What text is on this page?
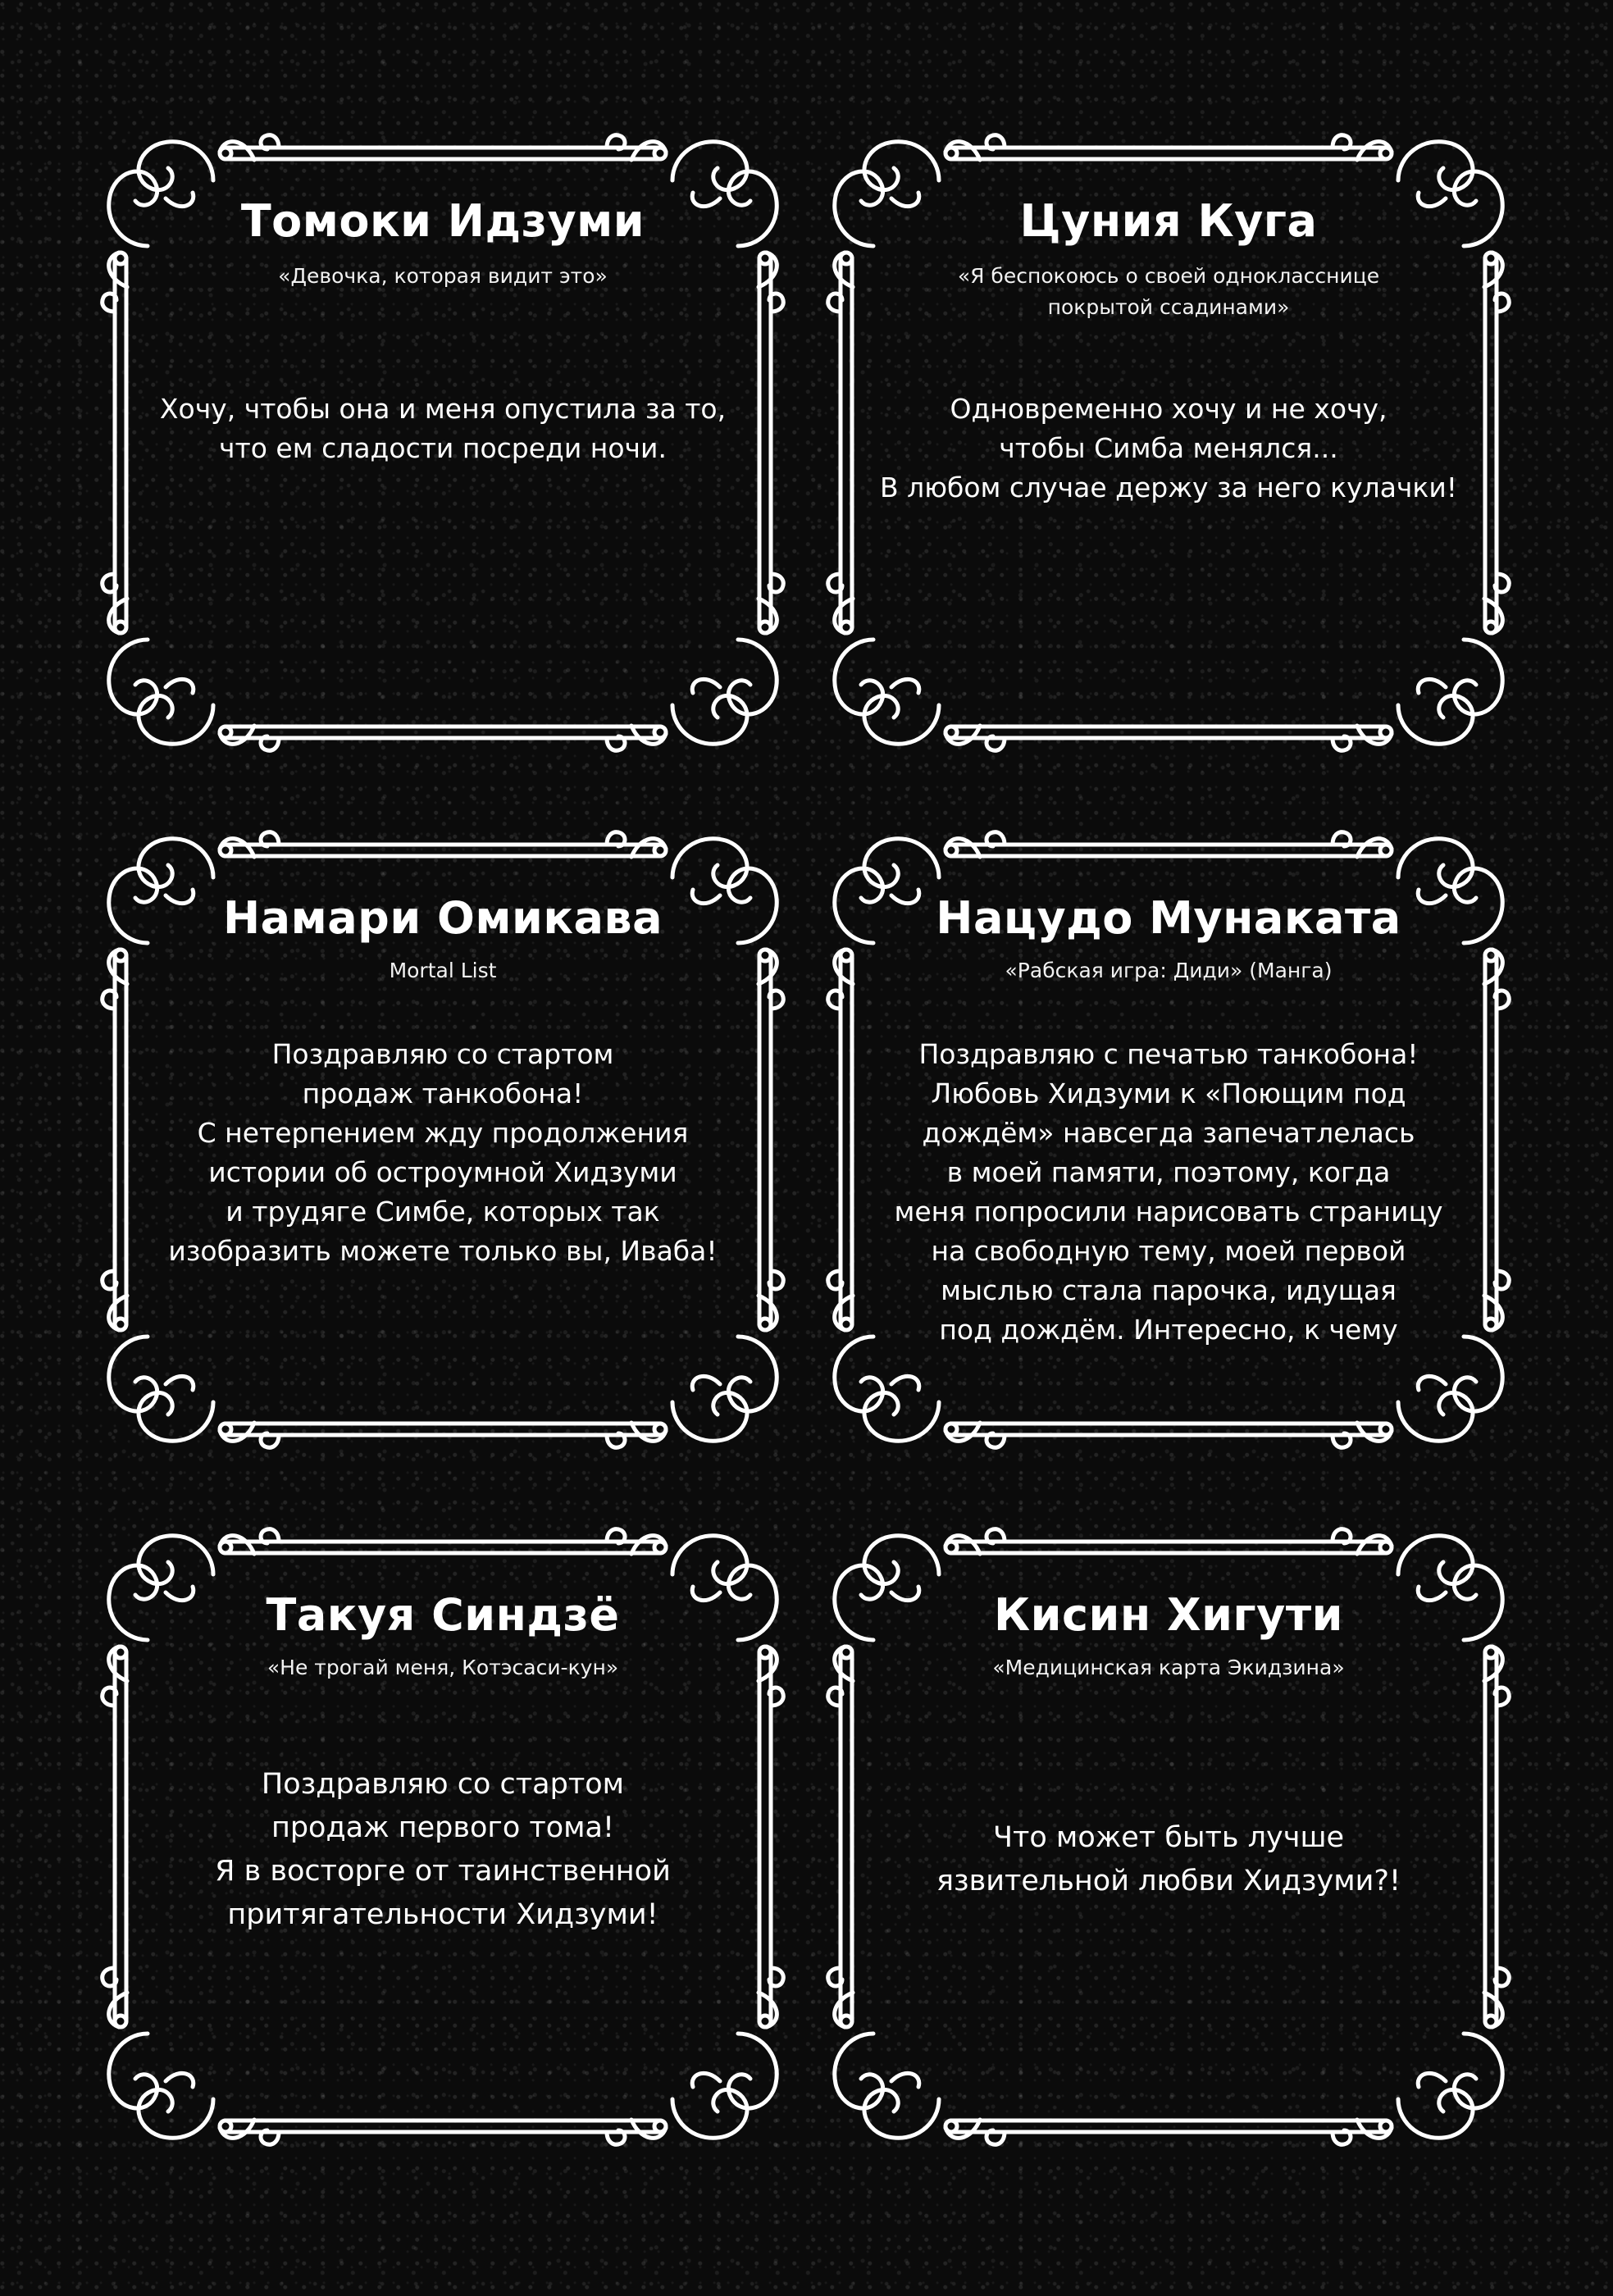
Томоки Идзуми
«Девочка, которая видит это»
Хочу, чтобы она и меня опустила за то,
что ем сладости посреди ночи.
Цуния Куга
«Я беспокоюсь о своей однокласснице
покрытой ссадинами»
Одновременно хочу и не хочу,
чтобы Симба менялся...
В любом случае держу за него кулачки!
Намари Омикава
Mortal List
Поздравляю со стартом
продаж танкобона!
С нетерпением жду продолжения
истории об остроумной Хидзуми
и трудяге Симбе, которых так
изобразить можете только вы, Иваба!
Нацудо Мунаката
«Рабская игра: Диди» (Манга)
Поздравляю с печатью танкобона!
Любовь Хидзуми к «Поющим под
дождём» навсегда запечатлелась
в моей памяти, поэтому, когда
меня попросили нарисовать страницу
на свободную тему, моей первой
мыслью стала парочка, идущая
под дождём. Интересно, к чему
Такуя Синдзё
«Не трогай меня, Котэсаси-кун»
Поздравляю со стартом
продаж первого тома!
Я в восторге от таинственной
притягательности Хидзуми!
Кисин Хигути
«Медицинская карта Экидзина»
Что может быть лучше
язвительной любви Хидзуми?!
